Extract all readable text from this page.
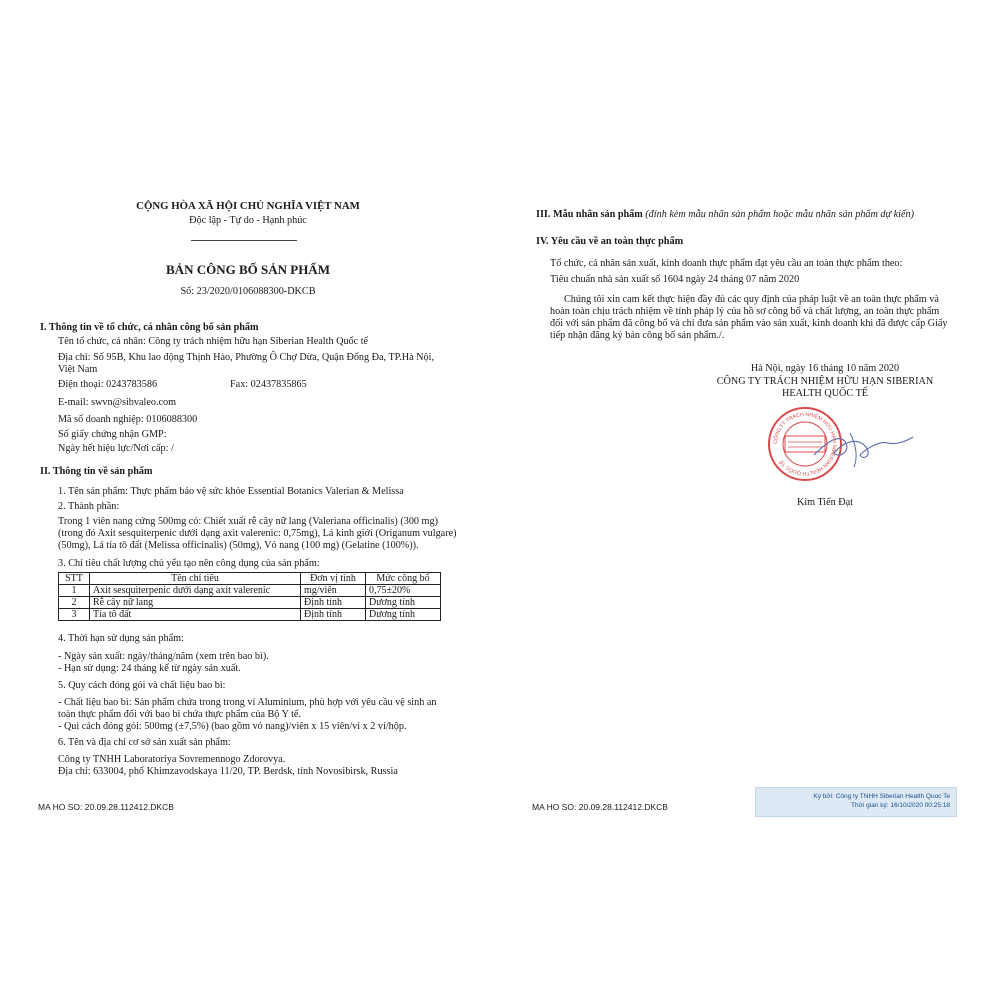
CỘNG HÒA XÃ HỘI CHỦ NGHĨA VIỆT NAM
Độc lập - Tự do - Hạnh phúc
BẢN CÔNG BỐ SẢN PHẨM
Số: 23/2020/0106088300-DKCB
I. Thông tin về tổ chức, cá nhân công bố sản phẩm
Tên tổ chức, cá nhân: Công ty trách nhiệm hữu hạn Siberian Health Quốc tế
Địa chỉ: Số 95B, Khu lao động Thịnh Hào, Phường Ô Chợ Dừa, Quận Đống Đa, TP.Hà Nội,
Việt Nam
Điện thoại: 0243783586	Fax: 02437835865
E-mail: swvn@sibvaleo.com
Mã số doanh nghiệp: 0106088300
Số giấy chứng nhận GMP:
Ngày hết hiệu lực/Nơi cấp: /
II. Thông tin về sản phẩm
1. Tên sản phẩm: Thực phẩm bảo vệ sức khỏe Essential Botanics Valerian & Melissa
2. Thành phần:
Trong 1 viên nang cứng 500mg có: Chiết xuất rễ cây nữ lang (Valeriana officinalis) (300 mg)
(trong đó Axit sesquiterpenic dưới dạng axit valerenic: 0,75mg), Lá kinh giới (Origanum vulgare)
(50mg), Lá tía tô đất (Melissa officinalis) (50mg), Vỏ nang (100 mg) (Gelatine (100%)).
3. Chỉ tiêu chất lượng chủ yếu tạo nên công dụng của sản phẩm:
STT	Tên chỉ tiêu	Đơn vị tính	Mức công bố
1	Axit sesquiterpenic dưới dạng axit valerenic	mg/viên	0,75±20%
2	Rễ cây nữ lang	Định tính	Dương tính
3	Tía tô đất	Định tính	Dương tính
4. Thời hạn sử dụng sản phẩm:
- Ngày sản xuất: ngày/tháng/năm (xem trên bao bì).
- Hạn sử dụng: 24 tháng kể từ ngày sản xuất.
5. Quy cách đóng gói và chất liệu bao bì:
- Chất liệu bao bì: Sản phẩm chứa trong trong vỉ Aluminium, phù hợp với yêu cầu vệ sinh an
toàn thực phẩm đối với bao bì chứa thực phẩm của Bộ Y tế.
- Qui cách đóng gói: 500mg (±7,5%) (bao gồm vỏ nang)/viên x 15 viên/vỉ x 2 vỉ/hộp.
6. Tên và địa chỉ cơ sở sản xuất sản phẩm:
Công ty TNHH Laboratoriya Sovremennogo Zdorovya.
Địa chỉ: 633004, phố Khimzavodskaya 11/20, TP. Berdsk, tỉnh Novosibirsk, Russia
MA HO SO: 20.09.28.112412.DKCB
III. Mẫu nhãn sản phẩm (đính kèm mẫu nhãn sản phẩm hoặc mẫu nhãn sản phẩm dự kiến)
IV. Yêu cầu về an toàn thực phẩm
Tổ chức, cá nhân sản xuất, kinh doanh thực phẩm đạt yêu cầu an toàn thực phẩm theo:
Tiêu chuẩn nhà sản xuất số 1604 ngày 24 tháng 07 năm 2020
Chúng tôi xin cam kết thực hiện đầy đủ các quy định của pháp luật về an toàn thực phẩm và
hoàn toàn chịu trách nhiệm về tính pháp lý của hồ sơ công bố và chất lượng, an toàn thực phẩm
đối với sản phẩm đã công bố và chỉ đưa sản phẩm vào sản xuất, kinh doanh khi đã được cấp Giấy
tiếp nhận đăng ký bản công bố sản phẩm./.
Hà Nội, ngày 16 tháng 10 năm 2020
CÔNG TY TRÁCH NHIỆM HỮU HẠN SIBERIAN
HEALTH QUỐC TẾ
CÔNG TY TRÁCH NHIỆM HỮU HẠN SIBERIAN HEALTH QUỐC TẾ
Kim Tiến Đạt
MA HO SO: 20.09.28.112412.DKCB
Ký bởi: Công ty TNHH Siberian Health Quoc Te
Thời gian ký: 16/10/2020 00:25:18
